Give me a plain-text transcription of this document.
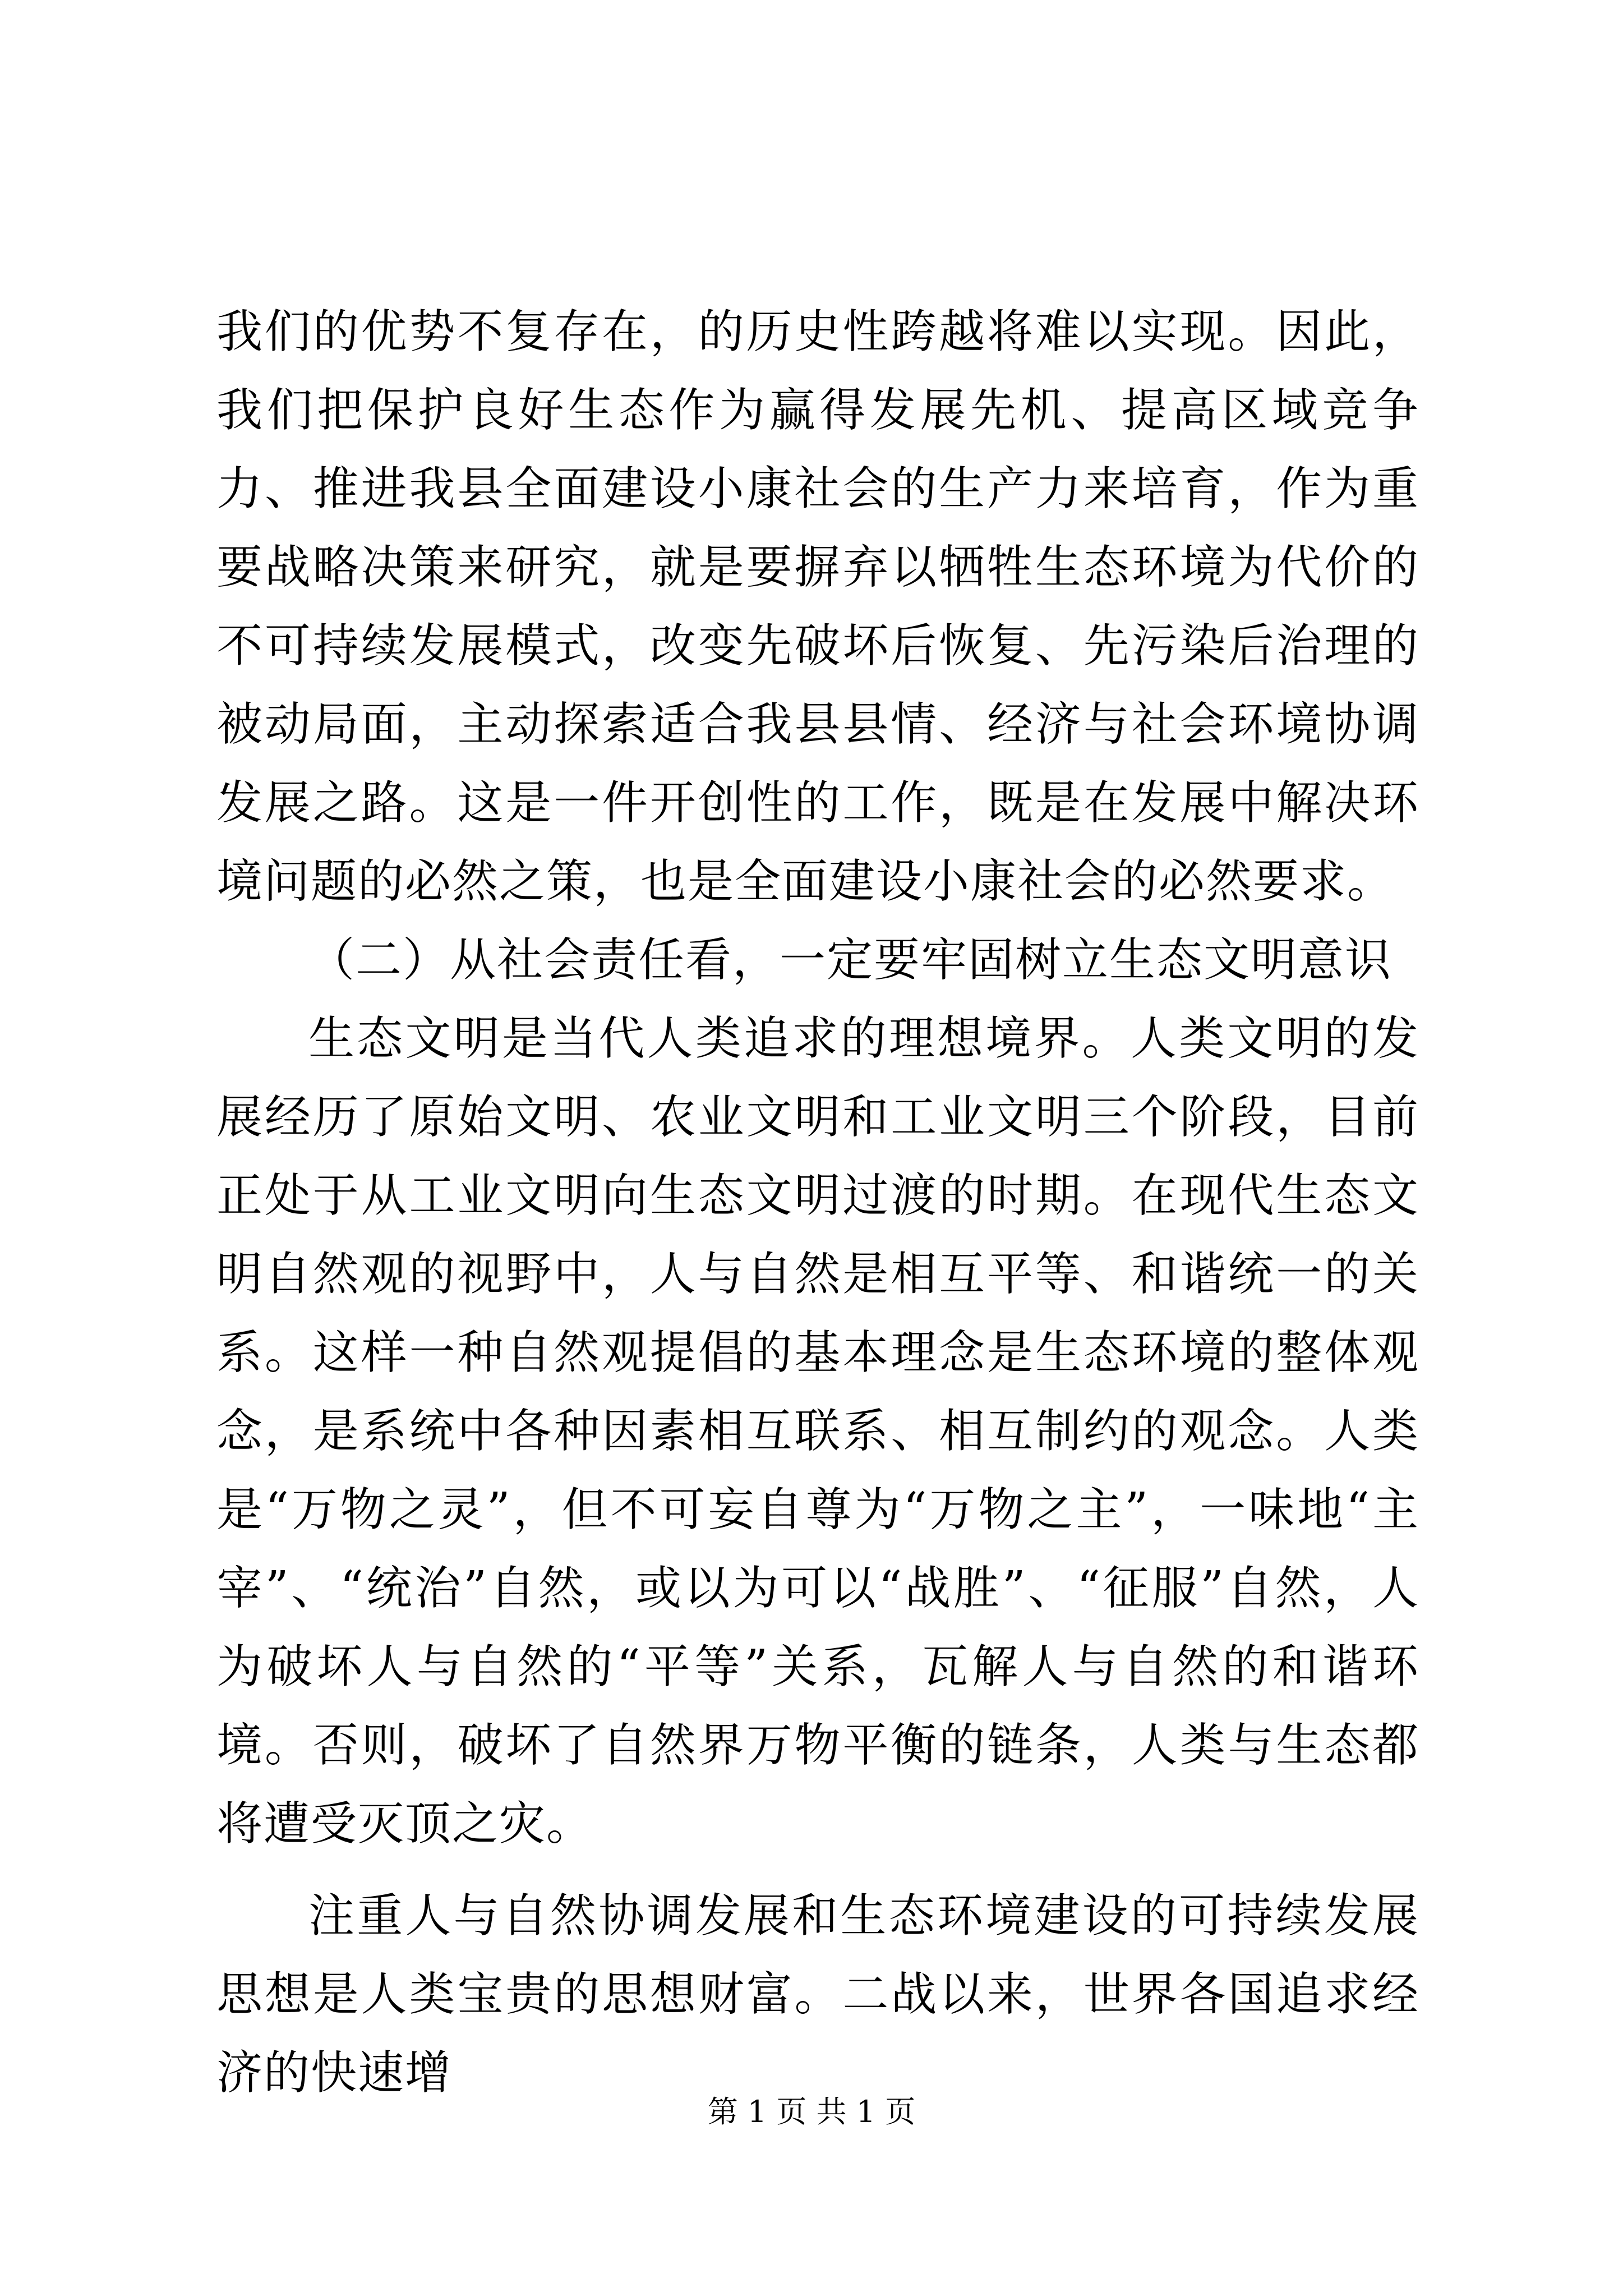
我们的优势不复存在，的历史性跨越将难以实现。因此，我们把保护良好生态作为赢得发展先机、提高区域竞争力、推进我县全面建设小康社会的生产力来培育，作为重要战略决策来研究，就是要摒弃以牺牲生态环境为代价的不可持续发展模式，改变先破坏后恢复、先污染后治理的被动局面，主动探索适合我县县情、经济与社会环境协调发展之路。这是一件开创性的工作，既是在发展中解决环境问题的必然之策，也是全面建设小康社会的必然要求。

（二）从社会责任看，一定要牢固树立生态文明意识

生态文明是当代人类追求的理想境界。人类文明的发展经历了原始文明、农业文明和工业文明三个阶段，目前正处于从工业文明向生态文明过渡的时期。在现代生态文明自然观的视野中，人与自然是相互平等、和谐统一的关系。这样一种自然观提倡的基本理念是生态环境的整体观念，是系统中各种因素相互联系、相互制约的观念。人类是“万物之灵”，但不可妄自尊为“万物之主”，一味地“主宰”、“统治”自然，或以为可以“战胜”、“征服”自然，人为破坏人与自然的“平等”关系，瓦解人与自然的和谐环境。否则，破坏了自然界万物平衡的链条，人类与生态都将遭受灭顶之灾。

注重人与自然协调发展和生态环境建设的可持续发展思想是人类宝贵的思想财富。二战以来，世界各国追求经济的快速增

第 1 页 共 1 页
